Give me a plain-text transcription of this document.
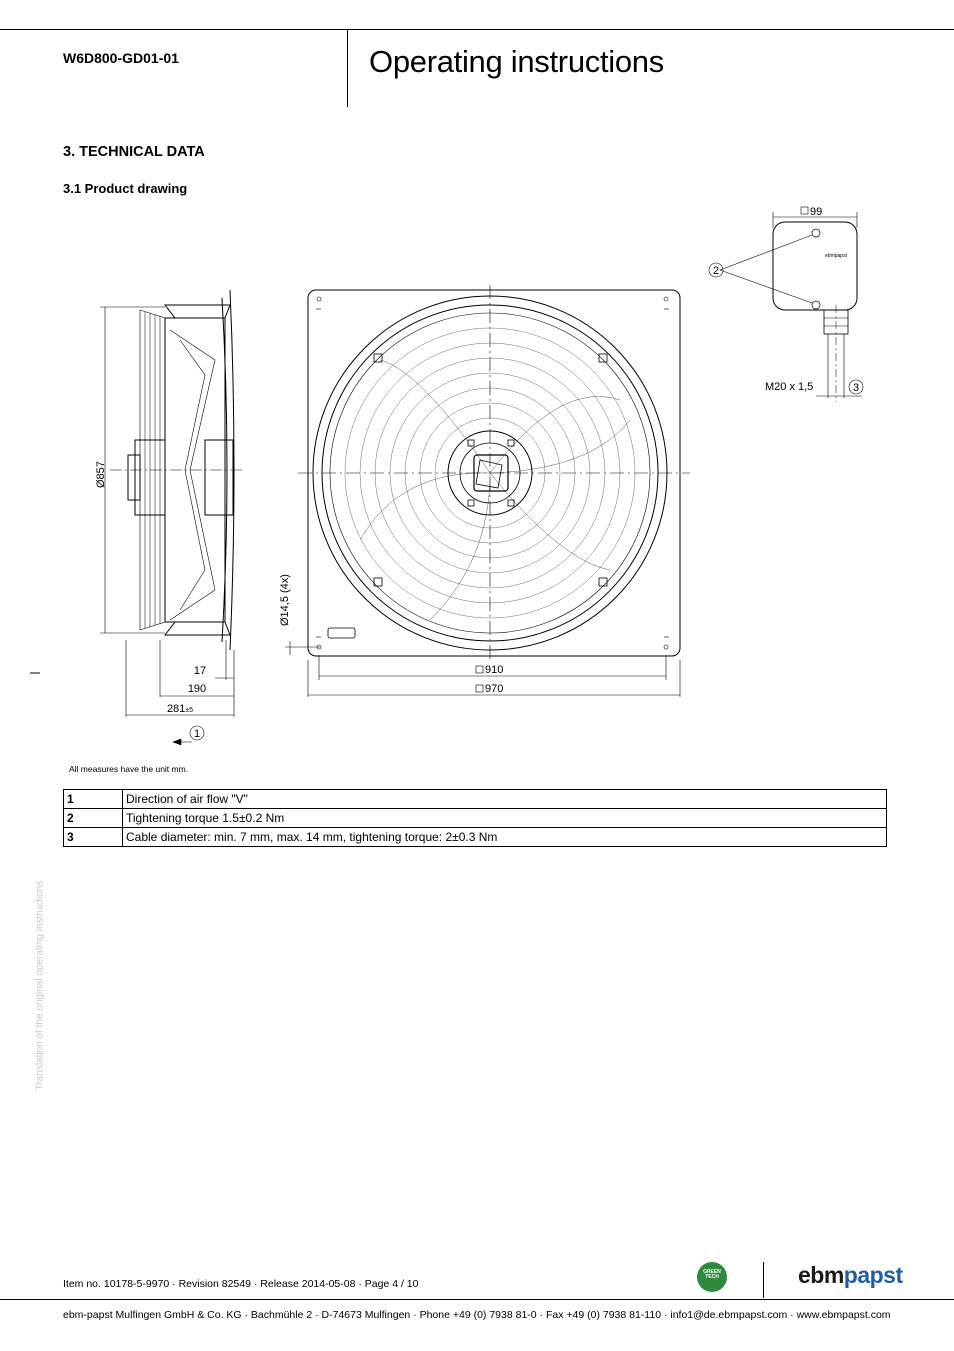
W6D800-GD01-01	Operating instructions
3. TECHNICAL DATA
3.1 Product drawing
Ø857
17
190
281±5
1
Ø14,5 (4x)
910
970
99
ebmpapst
M20 x 1,5
2
3
All measures have the unit mm.
1	Direction of air flow "V"
2	Tightening torque 1.5±0.2 Nm
3	Cable diameter: min. 7 mm, max. 14 mm, tightening torque: 2±0.3 Nm
Translation of the original operating instructions
Item no. 10178-5-9970 · Revision 82549 · Release 2014-05-08 · Page 4 / 10
GREEN TECH	ebmpapst
ebm-papst Mulfingen GmbH & Co. KG · Bachmühle 2 · D-74673 Mulfingen · Phone +49 (0) 7938 81-0 · Fax +49 (0) 7938 81-110 · info1@de.ebmpapst.com · www.ebmpapst.com
